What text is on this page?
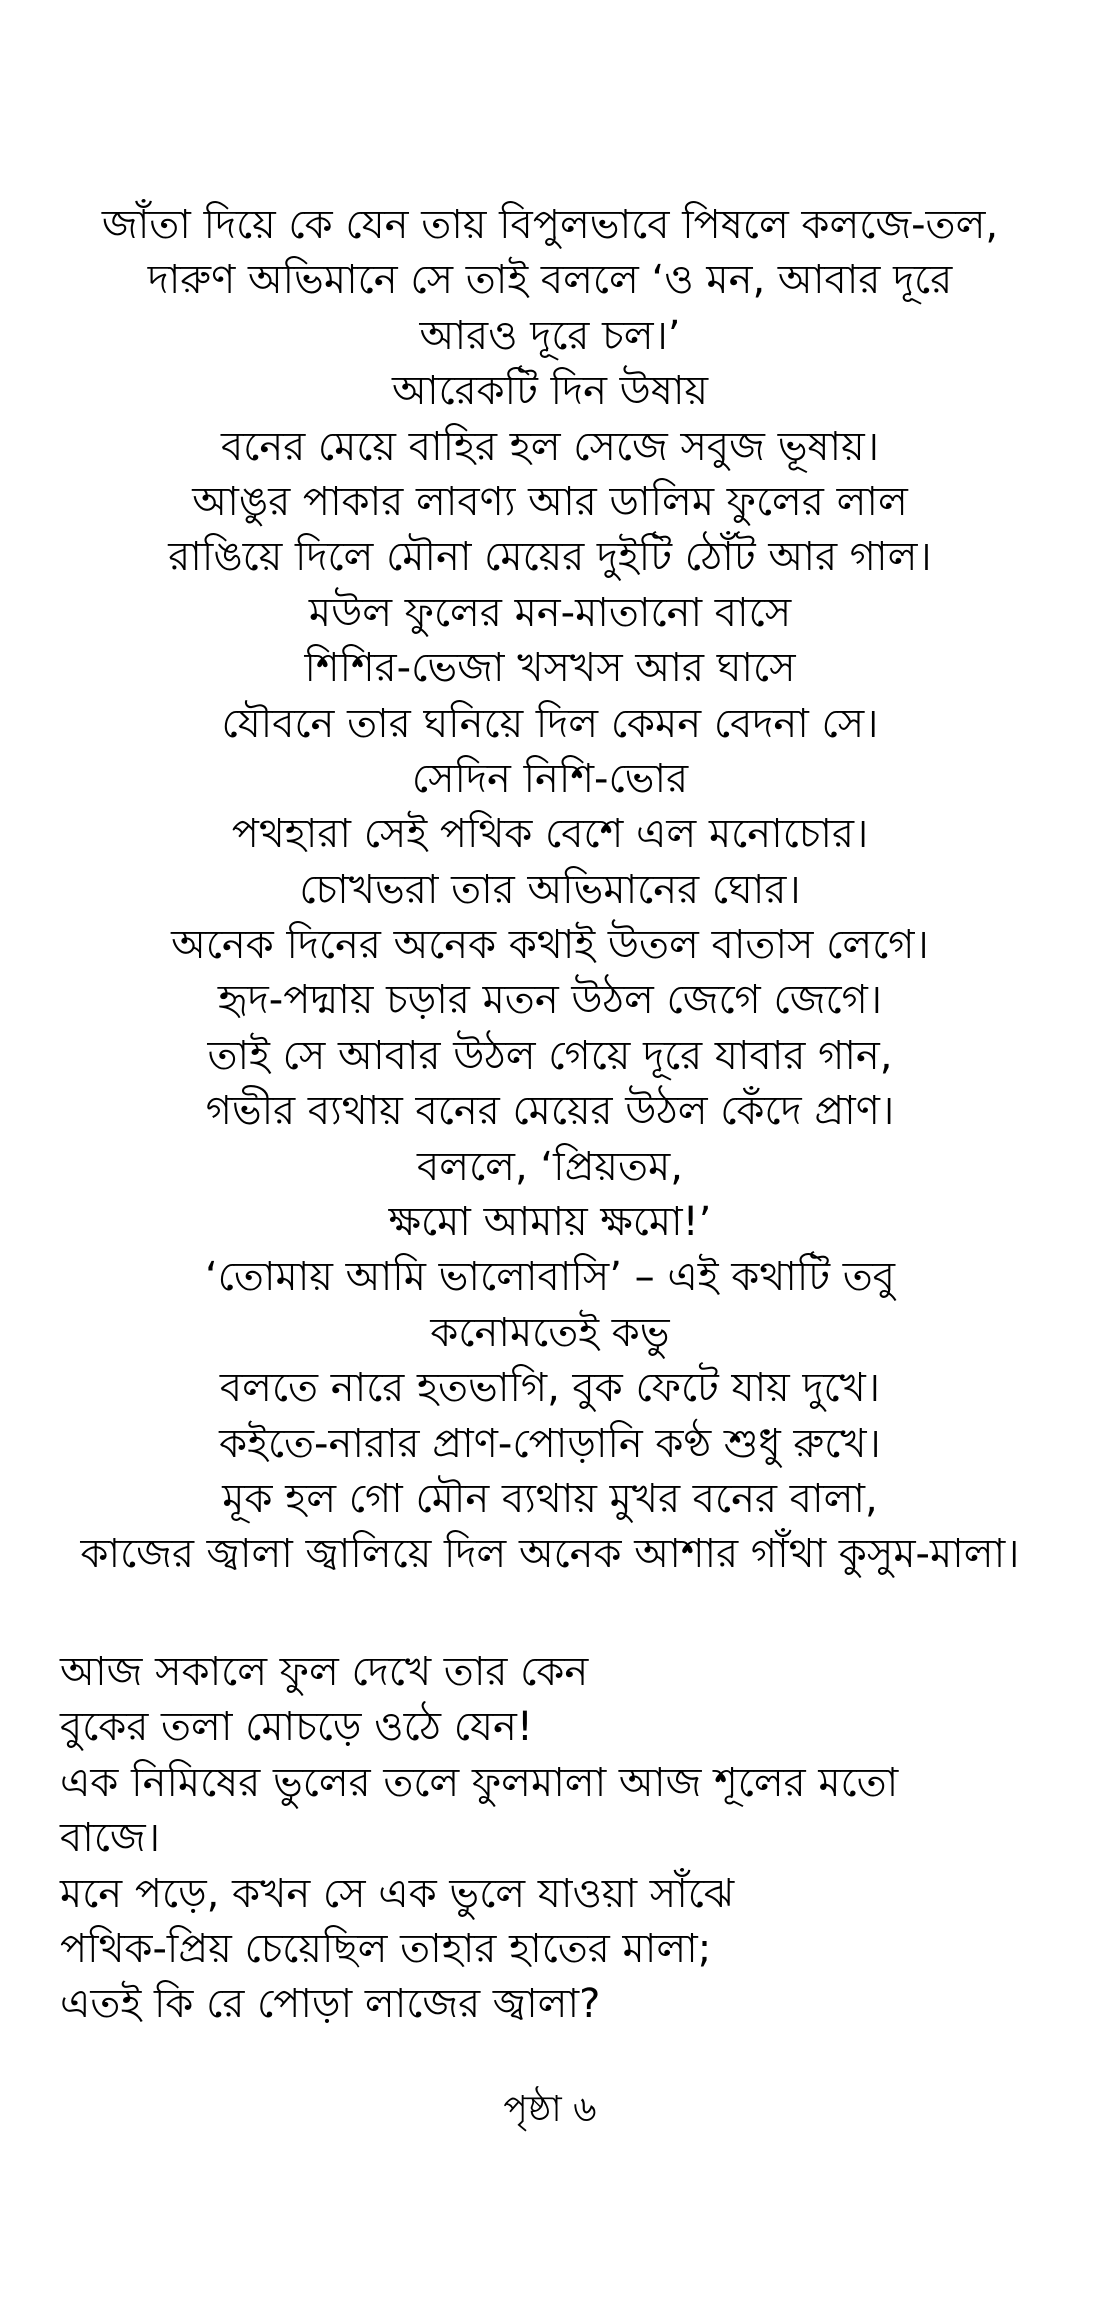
জাঁতা দিয়ে কে যেন তায় বিপুলভাবে পিষলে কলজে-তল,
দারুণ অভিমানে সে তাই বললে ‘ও মন, আবার দূরে
আরও দূরে চল।’
আরেকটি দিন উষায়
বনের মেয়ে বাহির হল সেজে সবুজ ভূষায়।
আঙুর পাকার লাবণ্য আর ডালিম ফুলের লাল
রাঙিয়ে দিলে মৌনা মেয়ের দুইটি ঠোঁট আর গাল।
মউল ফুলের মন-মাতানো বাসে
শিশির-ভেজা খসখস আর ঘাসে
যৌবনে তার ঘনিয়ে দিল কেমন বেদনা সে।
সেদিন নিশি-ভোর
পথহারা সেই পথিক বেশে এল মনোচোর।
চোখভরা তার অভিমানের ঘোর।
অনেক দিনের অনেক কথাই উতল বাতাস লেগে।
হৃদ-পদ্মায় চড়ার মতন উঠল জেগে জেগে।
তাই সে আবার উঠল গেয়ে দূরে যাবার গান,
গভীর ব্যথায় বনের মেয়ের উঠল কেঁদে প্রাণ।
বললে, ‘প্রিয়তম,
ক্ষমো আমায় ক্ষমো!’
‘তোমায় আমি ভালোবাসি’ – এই কথাটি তবু
কনোমতেই কভু
বলতে নারে হতভাগি, বুক ফেটে যায় দুখে।
কইতে-নারার প্রাণ-পোড়ানি কণ্ঠ শুধু রুখে।
মূক হল গো মৌন ব্যথায় মুখর বনের বালা,
কাজের জ্বালা জ্বালিয়ে দিল অনেক আশার গাঁথা কুসুম-মালা।
আজ সকালে ফুল দেখে তার কেন
বুকের তলা মোচড়ে ওঠে যেন!
এক নিমিষের ভুলের তলে ফুলমালা আজ শূলের মতো
বাজে।
মনে পড়ে, কখন সে এক ভুলে যাওয়া সাঁঝে
পথিক-প্রিয় চেয়েছিল তাহার হাতের মালা;
এতই কি রে পোড়া লাজের জ্বালা?
পৃষ্ঠা ৬
